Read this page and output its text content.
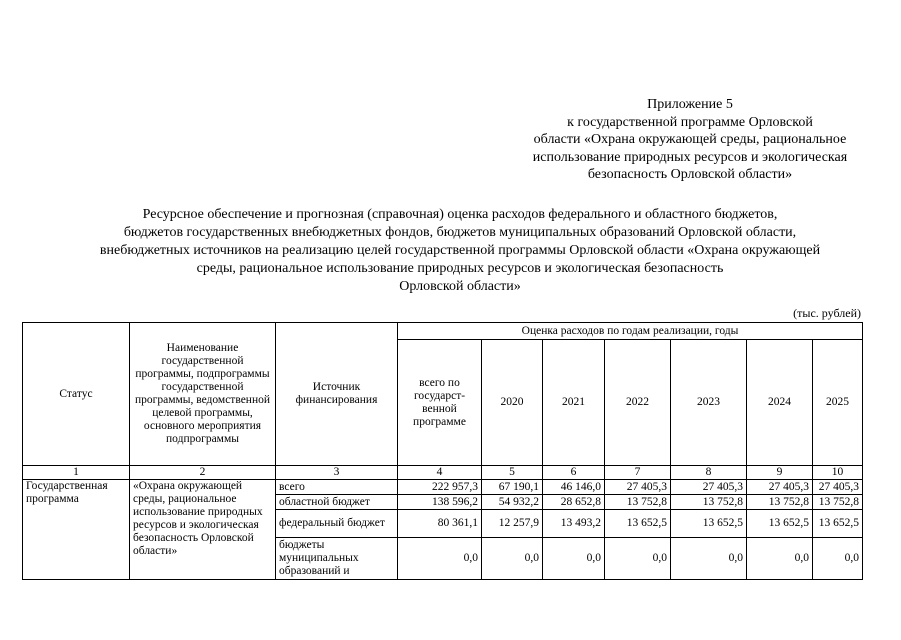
Приложение 5
к государственной программе Орловской
области «Охрана окружающей среды, рациональное
использование природных ресурсов и экологическая
безопасность Орловской области»
Ресурсное обеспечение и прогнозная (справочная) оценка расходов федерального и областного бюджетов,
бюджетов государственных внебюджетных фондов, бюджетов муниципальных образований Орловской области,
внебюджетных источников на реализацию целей государственной программы Орловской области «Охрана окружающей
среды, рациональное использование природных ресурсов и экологическая безопасность
Орловской области»
(тыс. рублей)
Статус	Наименование государственной программы, подпрограммы государственной программы, ведомственной целевой программы, основного мероприятия подпрограммы	Источник финансирования	Оценка расходов по годам реализации, годы						
			всего по государст-венной программе	2020	2021	2022	2023	2024	2025
1	2	3	4	5	6	7	8	9	10
Государственная программа	«Охрана окружающей среды, рациональное использование природных ресурсов и экологическая безопасность Орловской области»	всего	222 957,3	67 190,1	46 146,0	27 405,3	27 405,3	27 405,3	27 405,3
		областной бюджет	138 596,2	54 932,2	28 652,8	13 752,8	13 752,8	13 752,8	13 752,8
		федеральный бюджет	80 361,1	12 257,9	13 493,2	13 652,5	13 652,5	13 652,5	13 652,5
		бюджеты муниципальных образований и	0,0	0,0	0,0	0,0	0,0	0,0	0,0
